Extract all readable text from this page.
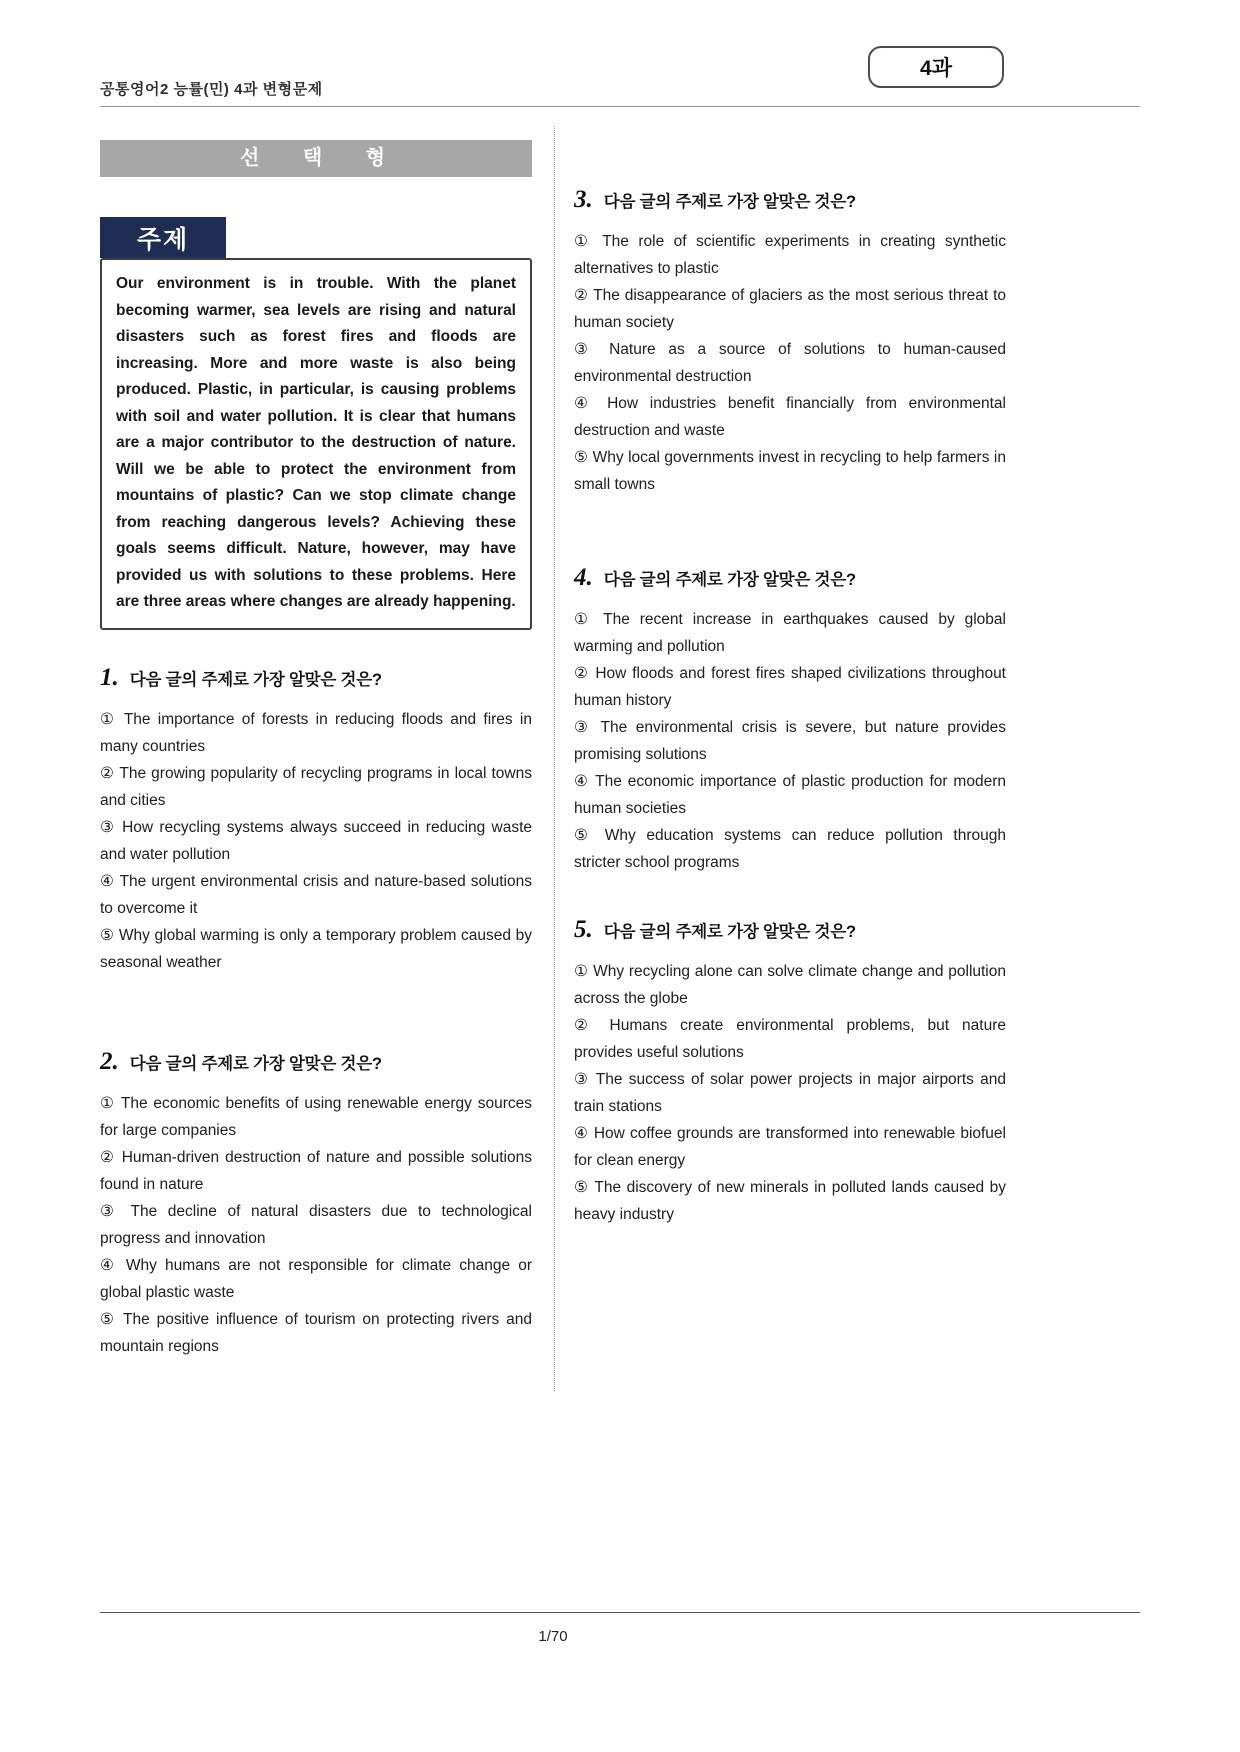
4과
공통영어2 능률(민) 4과 변형문제
선 택 형
주제

Our environment is in trouble. With the planet becoming warmer, sea levels are rising and natural disasters such as forest fires and floods are increasing. More and more waste is also being produced. Plastic, in particular, is causing problems with soil and water pollution. It is clear that humans are a major contributor to the destruction of nature. Will we be able to protect the environment from mountains of plastic? Can we stop climate change from reaching dangerous levels? Achieving these goals seems difficult. Nature, however, may have provided us with solutions to these problems. Here are three areas where changes are already happening.

1. 다음 글의 주제로 가장 알맞은 것은?

① The importance of forests in reducing floods and fires in many countries

② The growing popularity of recycling programs in local towns and cities

③ How recycling systems always succeed in reducing waste and water pollution

④ The urgent environmental crisis and nature-based solutions to overcome it

⑤ Why global warming is only a temporary problem caused by seasonal weather

2. 다음 글의 주제로 가장 알맞은 것은?

① The economic benefits of using renewable energy sources for large companies

② Human-driven destruction of nature and possible solutions found in nature

③ The decline of natural disasters due to technological progress and innovation

④ Why humans are not responsible for climate change or global plastic waste

⑤ The positive influence of tourism on protecting rivers and mountain regions

3. 다음 글의 주제로 가장 알맞은 것은?

① The role of scientific experiments in creating synthetic alternatives to plastic

② The disappearance of glaciers as the most serious threat to human society

③ Nature as a source of solutions to human-caused environmental destruction

④ How industries benefit financially from environmental destruction and waste

⑤ Why local governments invest in recycling to help farmers in small towns

4. 다음 글의 주제로 가장 알맞은 것은?

① The recent increase in earthquakes caused by global warming and pollution

② How floods and forest fires shaped civilizations throughout human history

③ The environmental crisis is severe, but nature provides promising solutions

④ The economic importance of plastic production for modern human societies

⑤ Why education systems can reduce pollution through stricter school programs

5. 다음 글의 주제로 가장 알맞은 것은?

① Why recycling alone can solve climate change and pollution across the globe

② Humans create environmental problems, but nature provides useful solutions

③ The success of solar power projects in major airports and train stations

④ How coffee grounds are transformed into renewable biofuel for clean energy

⑤ The discovery of new minerals in polluted lands caused by heavy industry

1/70
